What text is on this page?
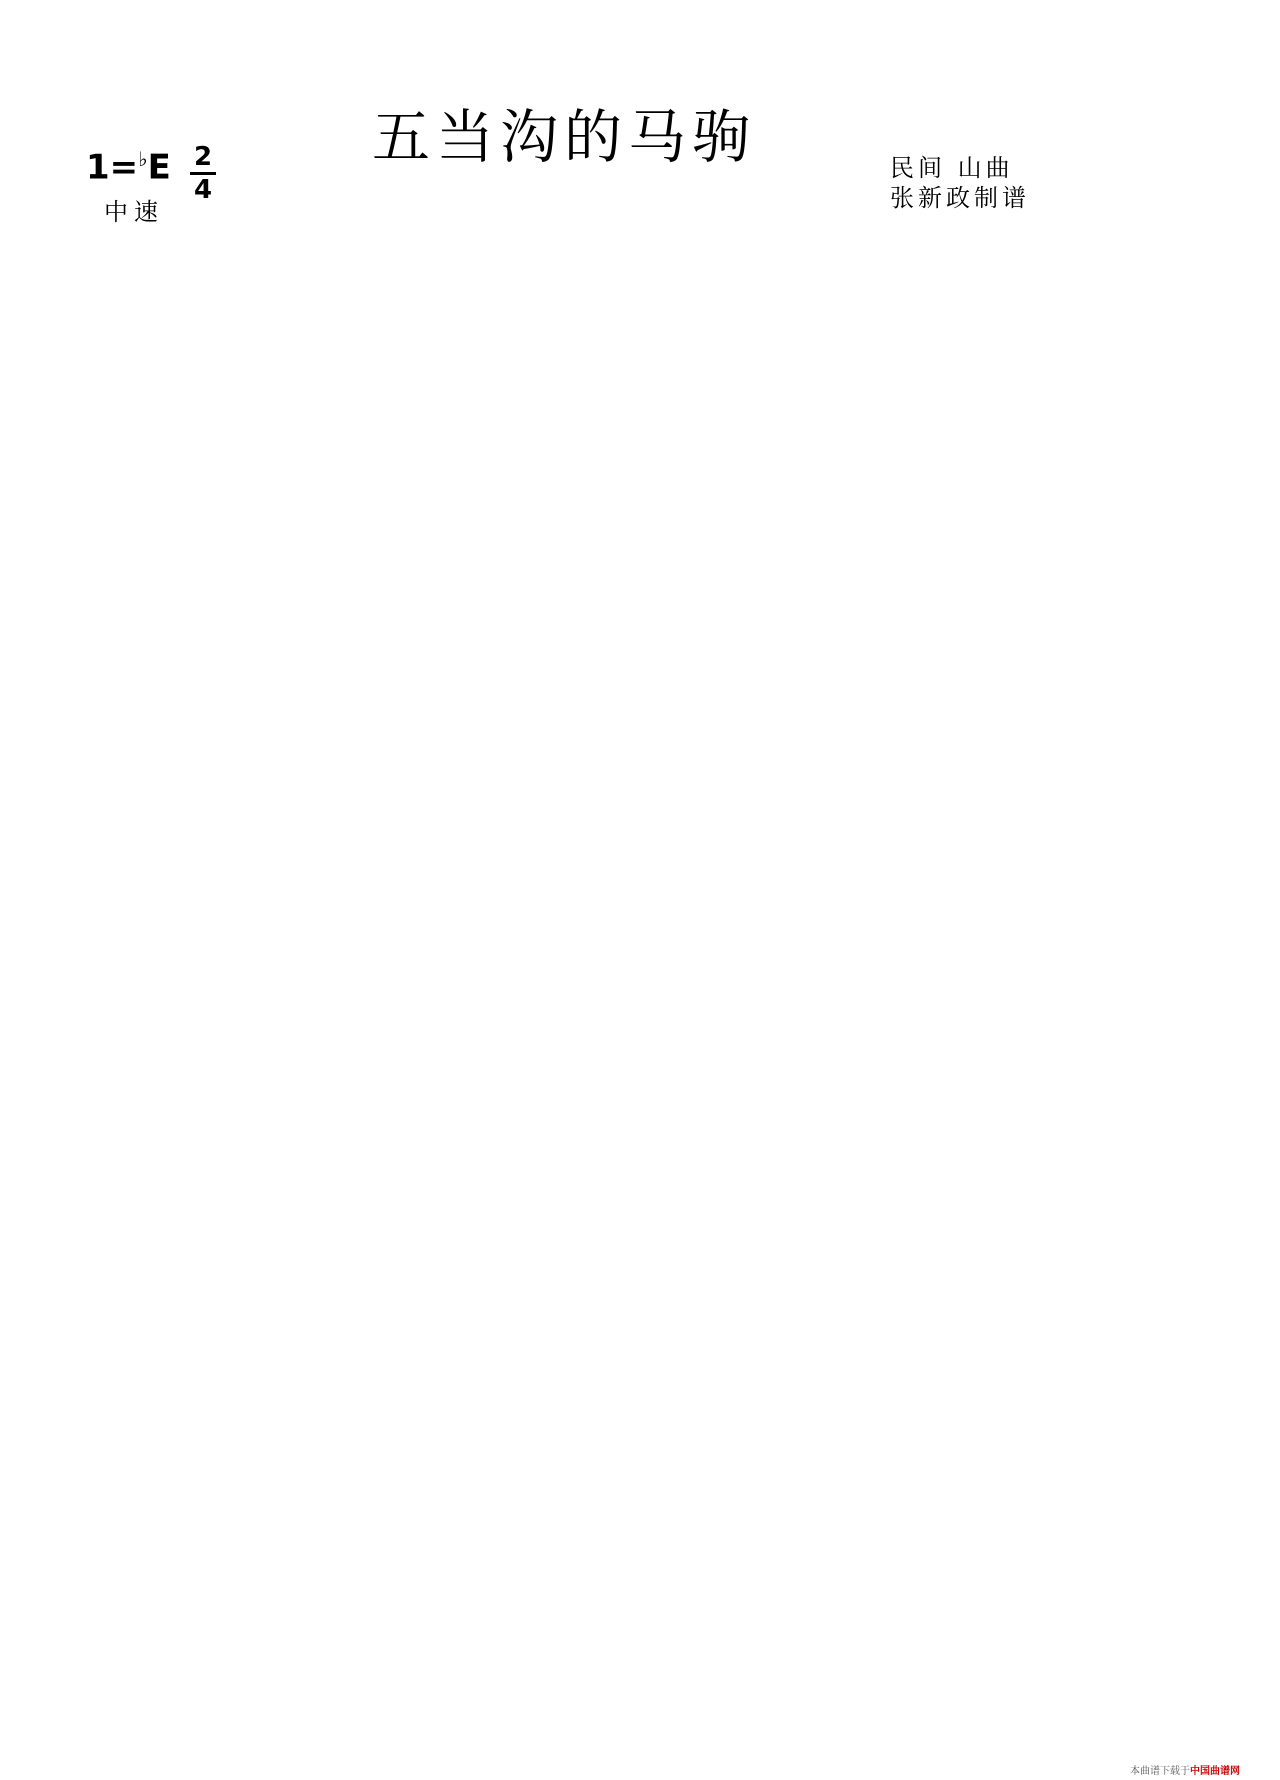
五当沟的马驹
1=♭E 2
4
中速
民间 山曲
张新政制谱
本曲谱下载于中国曲谱网
